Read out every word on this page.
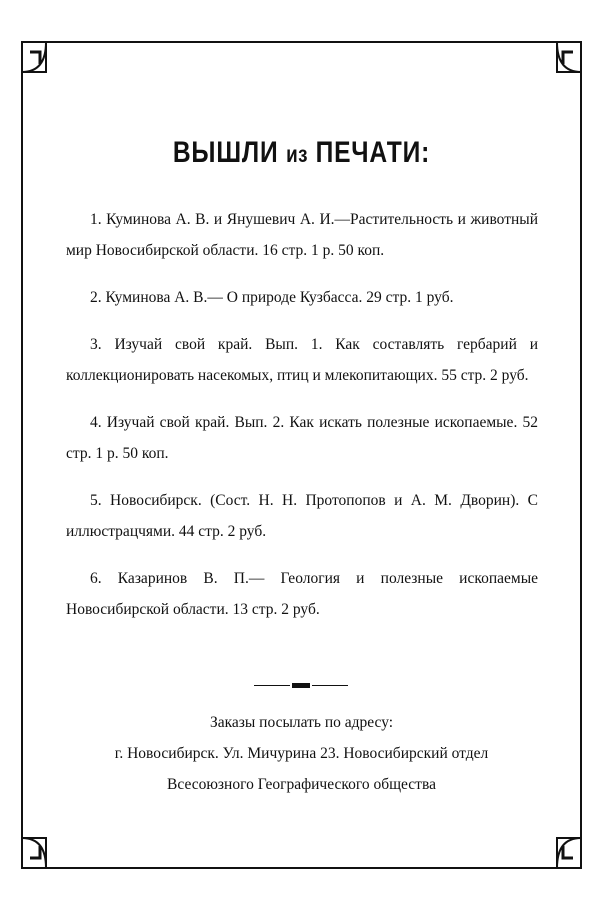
ВЫШЛИ из ПЕЧАТИ:
1. Куминова А. В. и Янушевич А. И.—Растительность и животный мир Новосибирской области. 16 стр. 1 р. 50 коп.
2. Куминова А. В.— О природе Кузбасса. 29 стр. 1 руб.
3. Изучай свой край. Вып. 1. Как составлять гербарий и коллекционировать насекомых, птиц и млекопитающих. 55 стр. 2 руб.
4. Изучай свой край. Вып. 2. Как искать полезные ископаемые. 52 стр. 1 р. 50 коп.
5. Новосибирск. (Сост. Н. Н. Протопопов и А. М. Дворин). С иллюстрацчями. 44 стр. 2 руб.
6. Казаринов В. П.— Геология и полезные ископаемые Новосибирской области. 13 стр. 2 руб.
Заказы посылать по адресу:
г. Новосибирск. Ул. Мичурина 23. Новосибирский отдел
Всесоюзного Географического общества
